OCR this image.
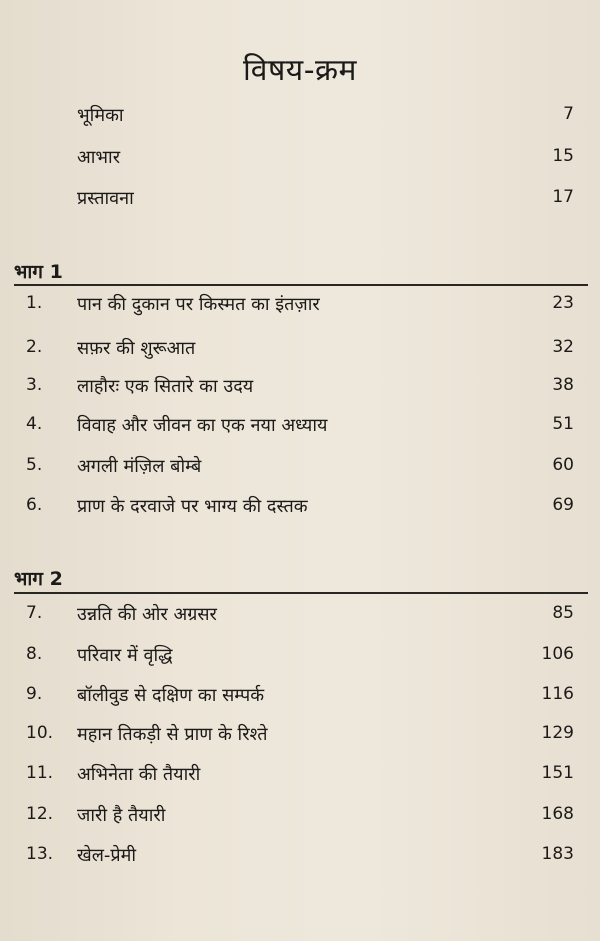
विषय-क्रम
भूमिका	7
आभार	15
प्रस्तावना	17
भाग 1
1. पान की दुकान पर किस्मत का इंतज़ार	23
2. सफ़र की शुरूआत	32
3. लाहौरः एक सितारे का उदय	38
4. विवाह और जीवन का एक नया अध्याय	51
5. अगली मंज़िल बोम्बे	60
6. प्राण के दरवाजे पर भाग्य की दस्तक	69
भाग 2
7. उन्नति की ओर अग्रसर	85
8. परिवार में वृद्धि	106
9. बॉलीवुड से दक्षिण का सम्पर्क	116
10. महान तिकड़ी से प्राण के रिश्ते	129
11. अभिनेता की तैयारी	151
12. जारी है तैयारी	168
13. खेल-प्रेमी	183
